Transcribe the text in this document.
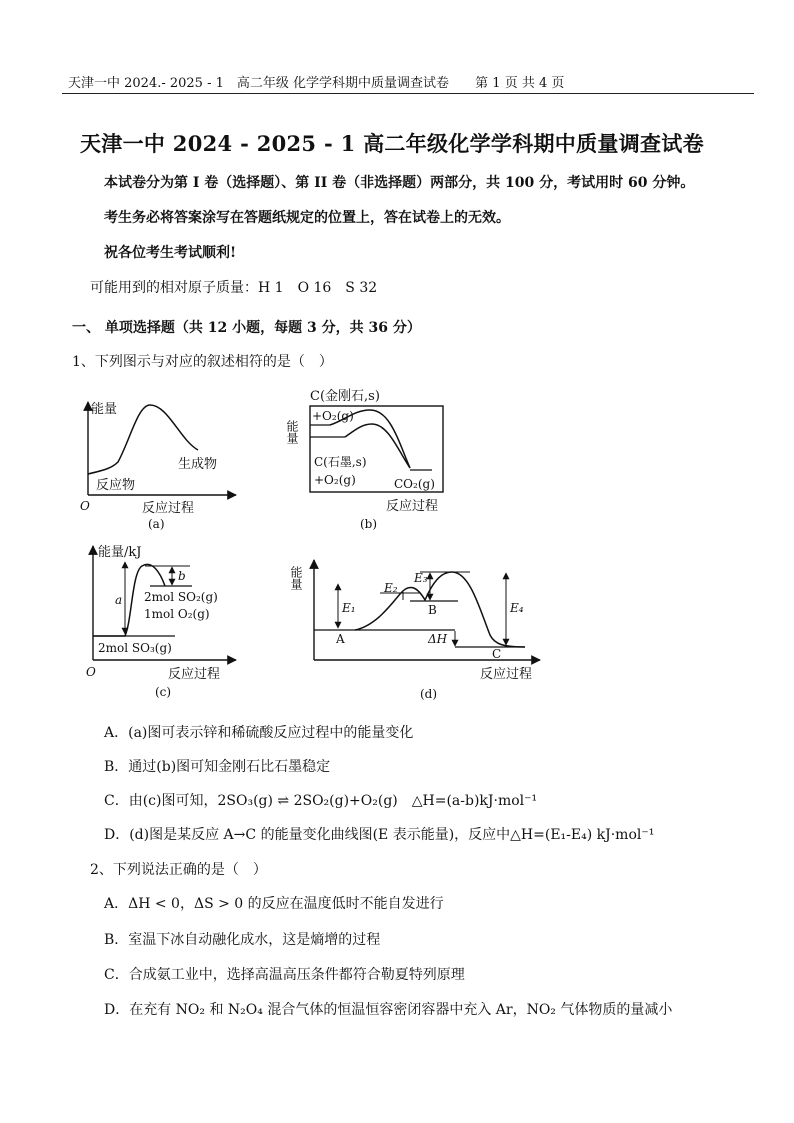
天津一中 2024.- 2025 - 1　高二年级 化学学科期中质量调查试卷 第 1 页 共 4 页
天津一中 2024 - 2025 - 1 高二年级化学学科期中质量调查试卷
本试卷分为第 I 卷（选择题）、第 II 卷（非选择题）两部分，共 100 分，考试用时 60 分钟。
考生务必将答案涂写在答题纸规定的位置上，答在试卷上的无效。
祝各位考生考试顺利!
可能用到的相对原子质量：H 1　O 16　S 32
一、 单项选择题（共 12 小题，每题 3 分，共 36 分）
1、下列图示与对应的叙述相符的是（　）
能量
生成物
反应物
O	反应过程
(a)
C(金刚石,s)
+O₂(g)
能量
C(石墨,s)
+O₂(g)	CO₂(g)
反应过程
(b)
能量/kJ
a
b
2mol SO₂(g)
1mol O₂(g)
2mol SO₃(g)
O	反应过程
(c)
能量
E₁
E₂
E₃
E₄
A
B
C
ΔH
反应过程
(d)
A．(a)图可表示锌和稀硫酸反应过程中的能量变化
B．通过(b)图可知金刚石比石墨稳定
C．由(c)图可知，2SO₃(g) ⇌ 2SO₂(g)+O₂(g)　△H=(a-b)kJ·mol⁻¹
D．(d)图是某反应 A→C 的能量变化曲线图(E 表示能量)，反应中△H=(E₁-E₄) kJ·mol⁻¹
2、下列说法正确的是（　）
A．ΔH < 0，ΔS > 0 的反应在温度低时不能自发进行
B．室温下冰自动融化成水，这是熵增的过程
C．合成氨工业中，选择高温高压条件都符合勒夏特列原理
D．在充有 NO₂ 和 N₂O₄ 混合气体的恒温恒容密闭容器中充入 Ar，NO₂ 气体物质的量减小
